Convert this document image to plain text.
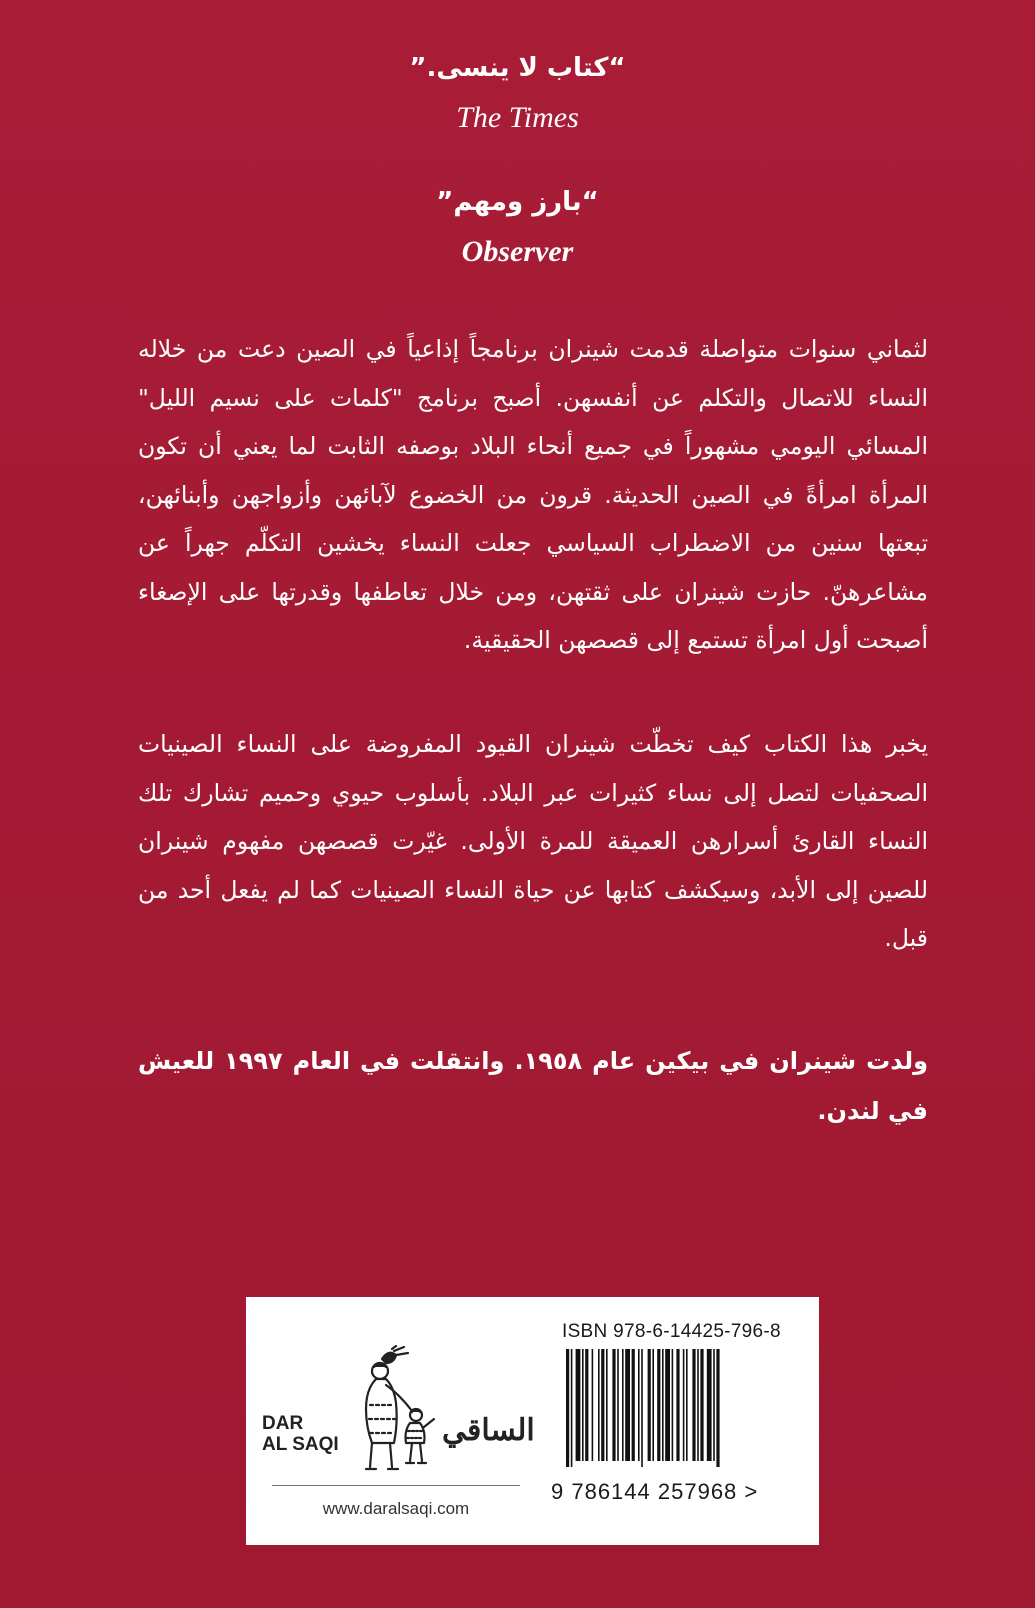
“كتاب لا ينسى.”
The Times
“بارز ومهم”
Observer
لثماني سنوات متواصلة قدمت شينران برنامجاً إذاعياً في الصين دعت من خلاله النساء للاتصال والتكلم عن أنفسهن. أصبح برنامج "كلمات على نسيم الليل" المسائي اليومي مشهوراً في جميع أنحاء البلاد بوصفه الثابت لما يعني أن تكون المرأة امرأةً في الصين الحديثة. قرون من الخضوع لآبائهن وأزواجهن وأبنائهن، تبعتها سنين من الاضطراب السياسي جعلت النساء يخشين التكلّم جهراً عن مشاعرهنّ. حازت شينران على ثقتهن، ومن خلال تعاطفها وقدرتها على الإصغاء أصبحت أول امرأة تستمع إلى قصصهن الحقيقية.
يخبر هذا الكتاب كيف تخطّت شينران القيود المفروضة على النساء الصينيات الصحفيات لتصل إلى نساء كثيرات عبر البلاد. بأسلوب حيوي وحميم تشارك تلك النساء القارئ أسرارهن العميقة للمرة الأولى. غيّرت قصصهن مفهوم شينران للصين إلى الأبد، وسيكشف كتابها عن حياة النساء الصينيات كما لم يفعل أحد من قبل.
ولدت شينران في بيكين عام ١٩٥٨. وانتقلت في العام ١٩٩٧ للعيش في لندن.
DAR
AL SAQI	الساقي
www.daralsaqi.com
ISBN 978-6-14425-796-8
9 786144 257968 >
